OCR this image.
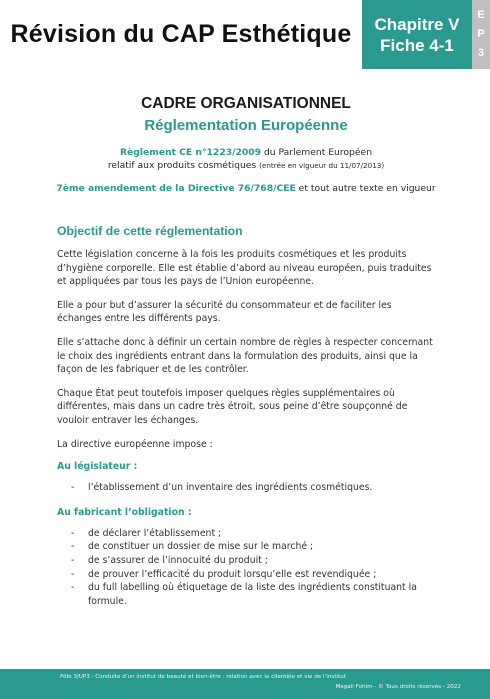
Révision du CAP Esthétique Chapitre V
Fiche 4-1
E
P
3
CADRE ORGANISATIONNEL
Réglementation Européenne

Règlement CE n°1223/2009 du Parlement Européen
relatif aux produits cosmétiques (entrée en vigueur du 11/07/2013)

7ème amendement de la Directive 76/768/CEE et tout autre texte en vigueur

Objectif de cette réglementation

Cette législation concerne à la fois les produits cosmétiques et les produits d’hygiène corporelle. Elle est établie d’abord au niveau européen, puis traduites et appliquées par tous les pays de l’Union européenne.

Elle a pour but d’assurer la sécurité du consommateur et de faciliter les échanges entre les différents pays.

Elle s’attache donc à définir un certain nombre de règles à respecter concernant le choix des ingrédients entrant dans la formulation des produits, ainsi que la façon de les fabriquer et de les contrôler.

Chaque État peut toutefois imposer quelques règles supplémentaires où différentes, mais dans un cadre très étroit, sous peine d’être soupçonné de vouloir entraver les échanges.

La directive européenne impose :

Au législateur :
- l’établissement d’un inventaire des ingrédients cosmétiques.
Au fabricant l’obligation :
- de déclarer l’établissement ;
- de constituer un dossier de mise sur le marché ;
- de s’assurer de l’innocuité du produit ;
- de prouver l’efficacité du produit lorsqu’elle est revendiquée ;
- du full labelling où étiquetage de la liste des ingrédients constituant la formule.
Pôle 3/UP3 : Conduite d’un institut de beauté et bien-être : relation avec la clientèle et vie de l’institut
Magali Fohim - © Tous droits réservés - 2022
